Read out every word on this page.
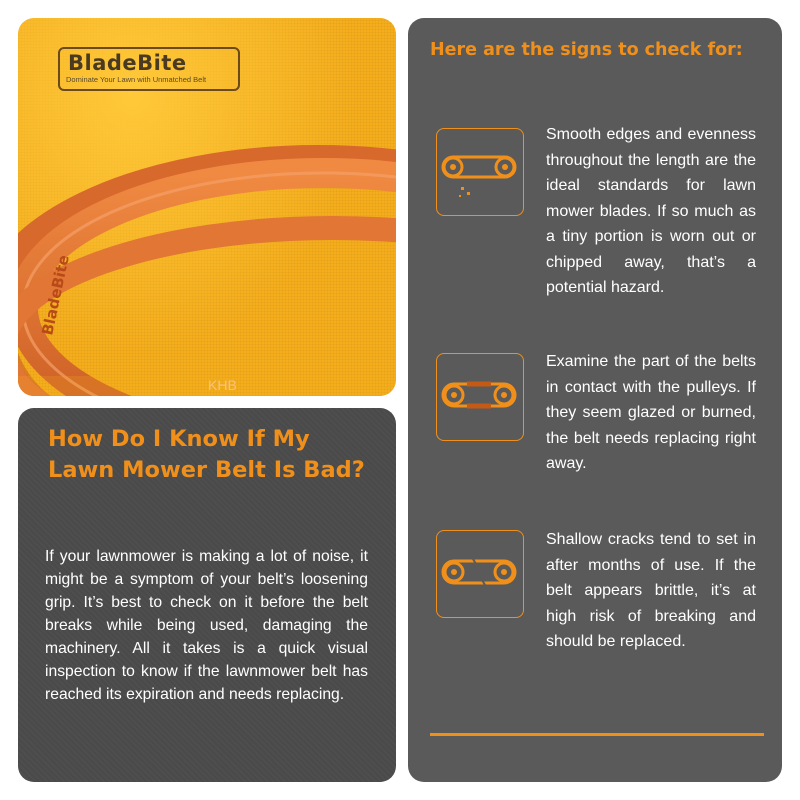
BladeBite
KHB
BladeBite
Dominate Your Lawn with Unmatched Belt
How Do I Know If My Lawn Mower Belt Is Bad?
If your lawnmower is making a lot of noise, it might be a symptom of your belt’s loosening grip. It’s best to check on it before the belt breaks while being used, damaging the machinery. All it takes is a quick visual inspection to know if the lawnmower belt has reached its expiration and needs replacing.
Here are the signs to check for:
Smooth edges and evenness throughout the length are the ideal standards for lawn mower blades. If so much as a tiny portion is worn out or chipped away, that’s a potential hazard.
Examine the part of the belts in contact with the pulleys. If they seem glazed or burned, the belt needs replacing right away.
Shallow cracks tend to set in after months of use. If the belt appears brittle, it’s at high risk of breaking and should be replaced.
